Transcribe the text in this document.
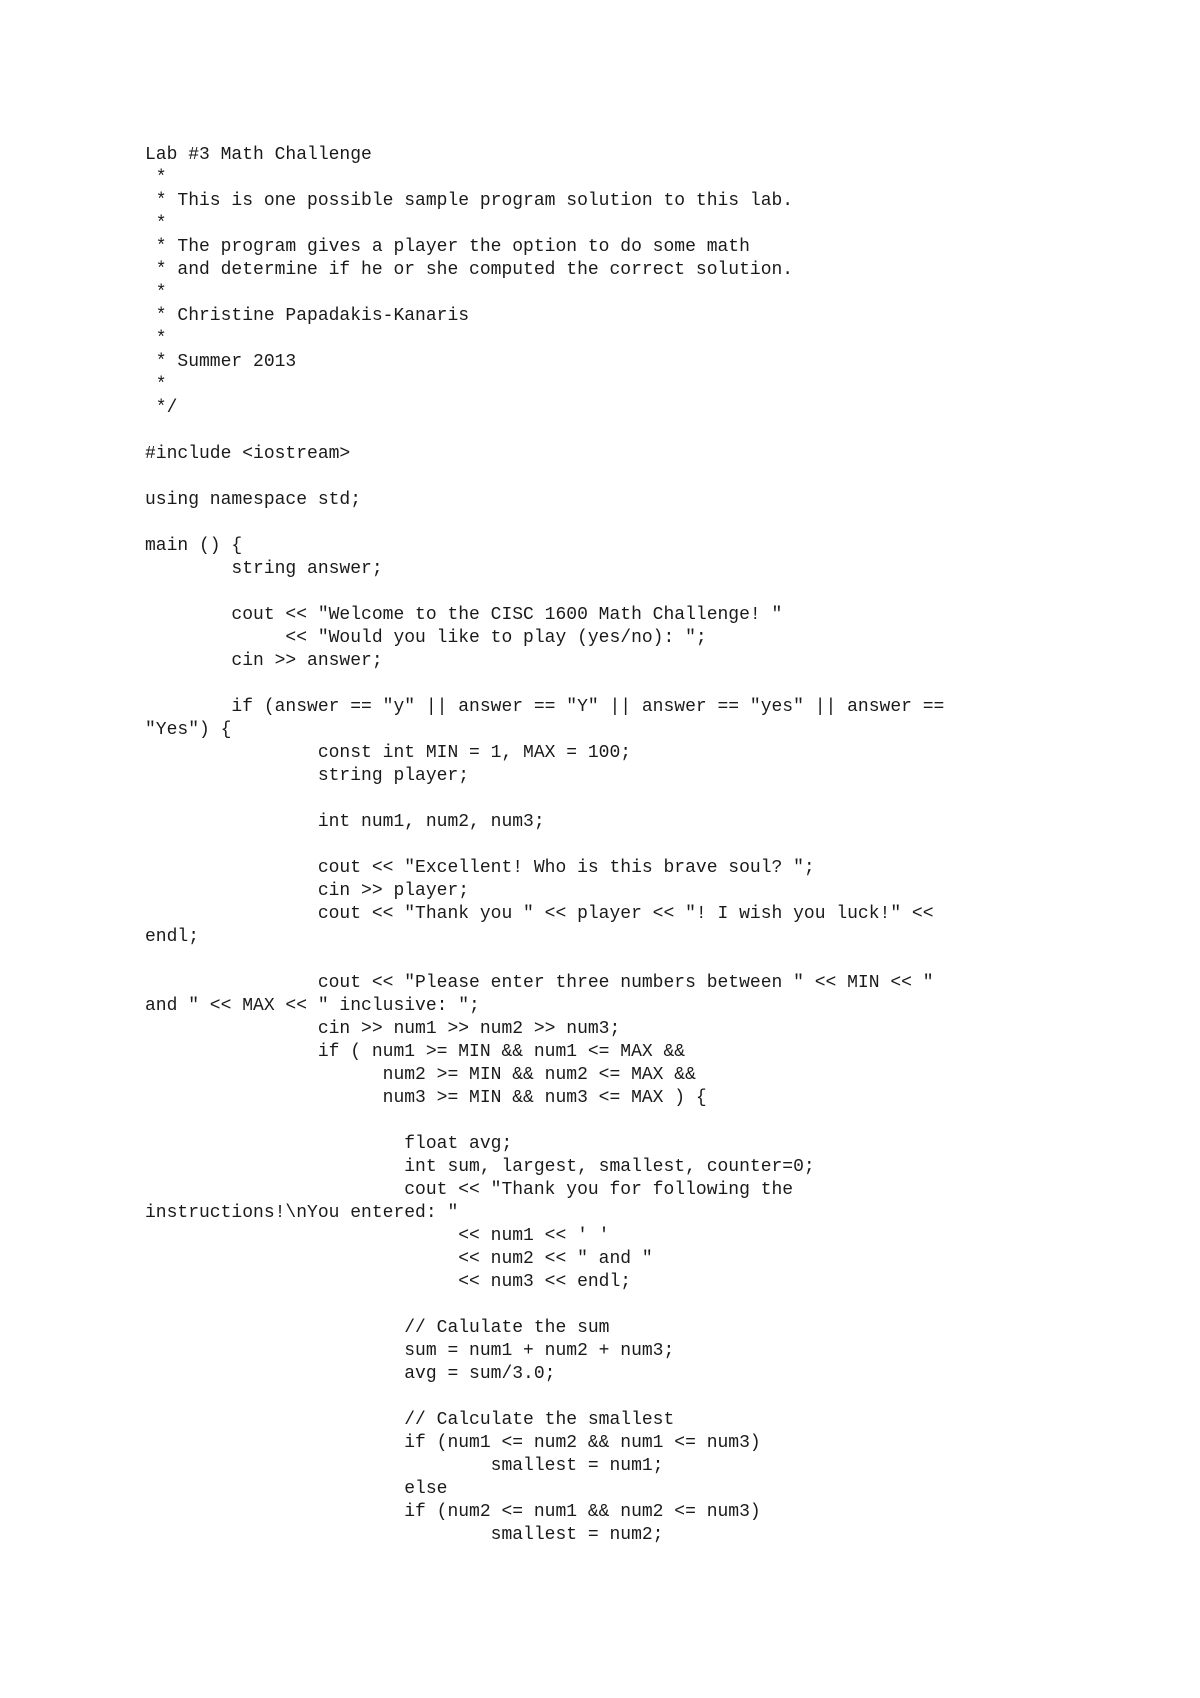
Lab #3 Math Challenge
*
* This is one possible sample program solution to this lab.
*
* The program gives a player the option to do some math
* and determine if he or she computed the correct solution.
*
* Christine Papadakis-Kanaris
*
* Summer 2013
*
*/
#include <iostream>
using namespace std;
main () {
string answer;
cout << "Welcome to the CISC 1600 Math Challenge! "
<< "Would you like to play (yes/no): ";
cin >> answer;
if (answer == "y" || answer == "Y" || answer == "yes" || answer ==
"Yes") {
const int MIN = 1, MAX = 100;
string player;
int num1, num2, num3;
cout << "Excellent! Who is this brave soul? ";
cin >> player;
cout << "Thank you " << player << "! I wish you luck!" <<
endl;
cout << "Please enter three numbers between " << MIN << "
and " << MAX << " inclusive: ";
cin >> num1 >> num2 >> num3;
if ( num1 >= MIN && num1 <= MAX &&
num2 >= MIN && num2 <= MAX &&
num3 >= MIN && num3 <= MAX ) {
float avg;
int sum, largest, smallest, counter=0;
cout << "Thank you for following the
instructions!\nYou entered: "
<< num1 << ' '
<< num2 << " and "
<< num3 << endl;
// Calulate the sum
sum = num1 + num2 + num3;
avg = sum/3.0;
// Calculate the smallest
if (num1 <= num2 && num1 <= num3)
smallest = num1;
else
if (num2 <= num1 && num2 <= num3)
smallest = num2;
